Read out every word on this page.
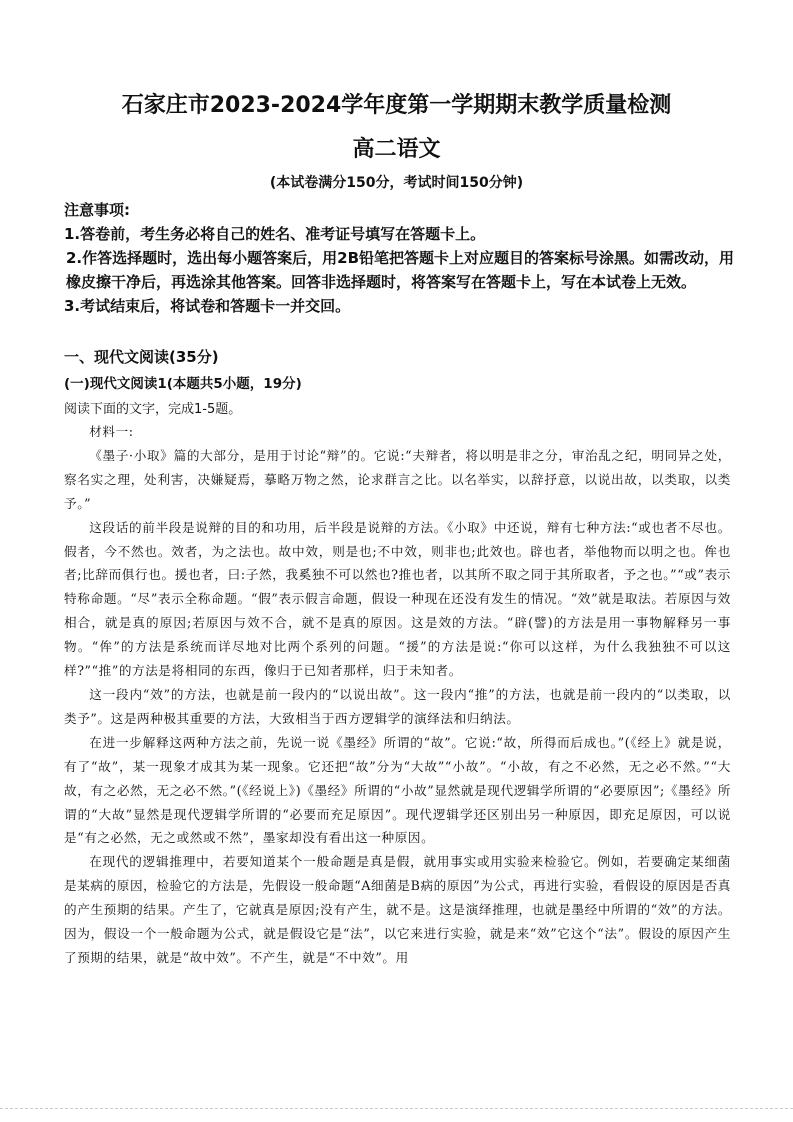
石家庄市2023-2024学年度第一学期期末教学质量检测
高二语文
(本试卷满分150分，考试时间150分钟)

注意事项:

1.答卷前，考生务必将自己的姓名、准考证号填写在答题卡上。

2.作答选择题时，选出每小题答案后，用2B铅笔把答题卡上对应题目的答案标号涂黑。如需改动，用橡皮擦干净后，再选涂其他答案。回答非选择题时，将答案写在答题卡上，写在本试卷上无效。

3.考试结束后，将试卷和答题卡一并交回。

一、现代文阅读(35分)
(一)现代文阅读1(本题共5小题，19分)
阅读下面的文字，完成1-5题。

材料一:

《墨子·小取》篇的大部分，是用于讨论“辩”的。它说:“夫辩者，将以明是非之分，审治乱之纪，明同异之处，察名实之理，处利害，决嫌疑焉，摹略万物之然，论求群言之比。以名举实，以辞抒意，以说出故，以类取，以类予。”

这段话的前半段是说辩的目的和功用，后半段是说辩的方法。《小取》中还说，辩有七种方法:“或也者不尽也。假者，今不然也。效者，为之法也。故中效，则是也;不中效，则非也;此效也。辟也者，举他物而以明之也。侔也者;比辞而俱行也。援也者，曰:子然，我奚独不可以然也?推也者，以其所不取之同于其所取者，予之也。”“或”表示特称命题。“尽”表示全称命题。“假”表示假言命题，假设一种现在还没有发生的情况。“效”就是取法。若原因与效相合，就是真的原因;若原因与效不合，就不是真的原因。这是效的方法。“辟(譬)的方法是用一事物解释另一事物。“侔”的方法是系统而详尽地对比两个系列的问题。“援”的方法是说:“你可以这样，为什么我独独不可以这样?”“推”的方法是将相同的东西，像归于已知者那样，归于未知者。

这一段内“效”的方法，也就是前一段内的“以说出故”。这一段内“推”的方法，也就是前一段内的“以类取，以类予”。这是两种极其重要的方法，大致相当于西方逻辑学的演绎法和归纳法。

在进一步解释这两种方法之前，先说一说《墨经》所谓的“故”。它说:“故，所得而后成也。”(《经上》就是说，有了“故”，某一现象才成其为某一现象。它还把“故”分为“大故”“小故”。“小故，有之不必然，无之必不然。”“大故，有之必然，无之必不然。”(《经说上》)《墨经》所谓的“小故”显然就是现代逻辑学所谓的“必要原因”;《墨经》所谓的“大故”显然是现代逻辑学所谓的“必要而充足原因”。现代逻辑学还区别出另一种原因，即充足原因，可以说是“有之必然，无之或然或不然”，墨家却没有看出这一种原因。

在现代的逻辑推理中，若要知道某个一般命题是真是假，就用事实或用实验来检验它。例如，若要确定某细菌是某病的原因，检验它的方法是，先假设一般命题“A细菌是B病的原因”为公式，再进行实验，看假设的原因是否真的产生预期的结果。产生了，它就真是原因;没有产生，就不是。这是演绎推理，也就是墨经中所谓的“效”的方法。因为，假设一个一般命题为公式，就是假设它是“法”，以它来进行实验，就是来“效”它这个“法”。假设的原因产生了预期的结果，就是“故中效”。不产生，就是“不中效”。用
